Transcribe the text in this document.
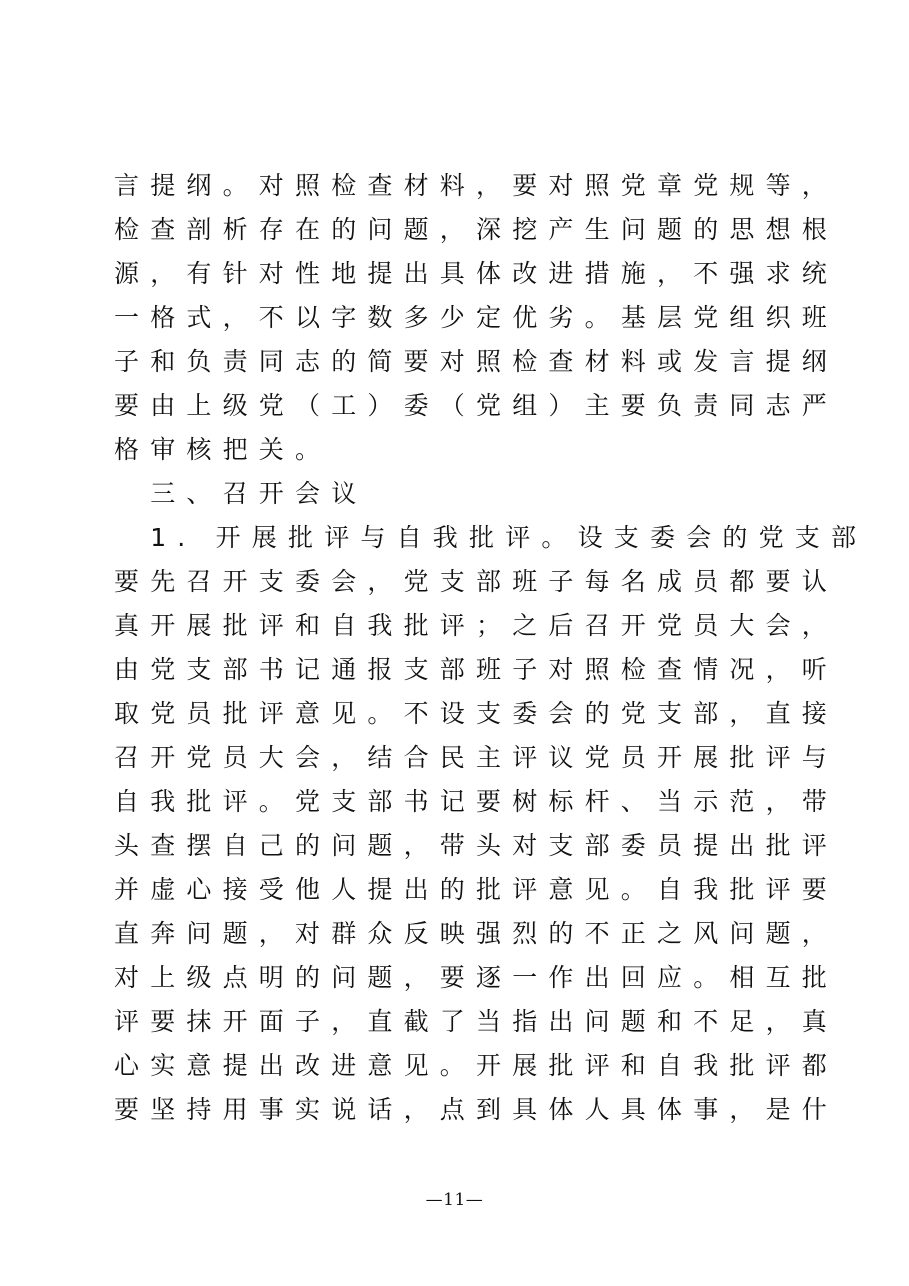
言提纲。对照检查材料，要对照党章党规等，
检查剖析存在的问题，深挖产生问题的思想根
源，有针对性地提出具体改进措施，不强求统
一格式，不以字数多少定优劣。基层党组织班
子和负责同志的简要对照检查材料或发言提纲
要由上级党（工）委（党组）主要负责同志严
格审核把关。
　三、召开会议
　1. 开展批评与自我批评。设支委会的党支部
要先召开支委会，党支部班子每名成员都要认
真开展批评和自我批评；之后召开党员大会，
由党支部书记通报支部班子对照检查情况，听
取党员批评意见。不设支委会的党支部，直接
召开党员大会，结合民主评议党员开展批评与
自我批评。党支部书记要树标杆、当示范，带
头查摆自己的问题，带头对支部委员提出批评
并虚心接受他人提出的批评意见。自我批评要
直奔问题，对群众反映强烈的不正之风问题，
对上级点明的问题，要逐一作出回应。相互批
评要抹开面子，直截了当指出问题和不足，真
心实意提出改进意见。开展批评和自我批评都
要坚持用事实说话，点到具体人具体事，是什
—11—
